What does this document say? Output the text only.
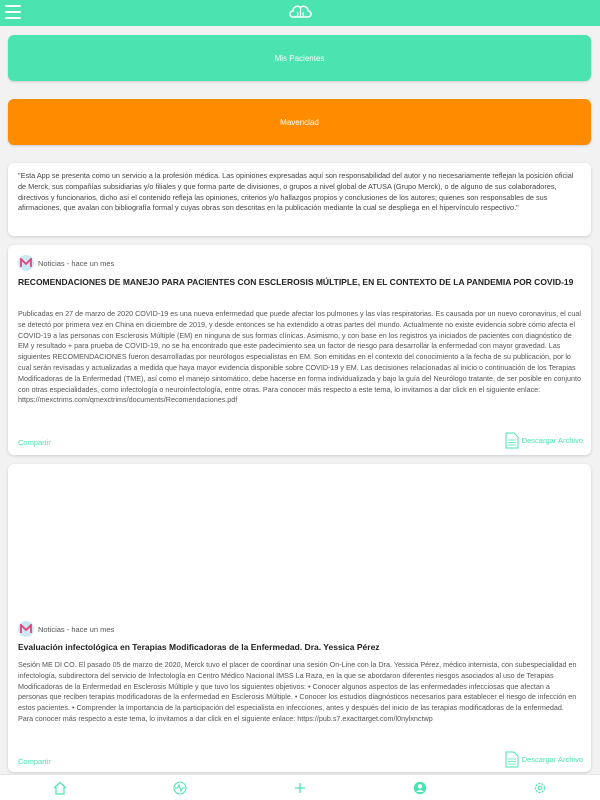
Mis Pacientes
Mavenclad

"Esta App se presenta como un servicio a la profesión médica. Las opiniones expresadas aquí son responsabilidad del autor y no necesariamente reflejan la posición oficial de Merck, sus compañías subsidiarias y/o filiales y que forma parte de divisiones, o grupos a nivel global de ATUSA (Grupo Merck), o de alguno de sus colaboradores, directivos y funcionarios, dicho así el contenido refleja las opiniones, criterios y/o hallazgos propios y conclusiones de los autores; quienes son responsables de sus afirmaciones, que avalan con bibliografía formal y cuyas obras son descritas en la publicación mediante la cual se despliega en el hipervínculo respectivo."

Noticias - hace un mes
RECOMENDACIONES DE MANEJO PARA PACIENTES CON ESCLEROSIS MÚLTIPLE, EN EL CONTEXTO DE LA PANDEMIA POR COVID-19
Publicadas en 27 de marzo de 2020 COVID-19 es una nueva enfermedad que puede afectar los pulmones y las vías respiratorias. Es causada por un nuevo coronavirus, el cual se detectó por primera vez en China en diciembre de 2019, y desde entonces se ha extendido a otras partes del mundo. Actualmente no existe evidencia sobre cómo afecta el COVID-19 a las personas con Esclerosis Múltiple (EM) en ninguna de sus formas clínicas. Asimismo, y con base en los registros ya iniciados de pacientes con diagnóstico de EM y resultado + para prueba de COVID-19, no se ha encontrado que este padecimiento sea un factor de riesgo para desarrollar la enfermedad con mayor gravedad. Las siguientes RECOMENDACIONES fueron desarrolladas por neurólogos especialistas en EM. Son emitidas en el contexto del conocimiento a la fecha de su publicación, por lo cual serán revisadas y actualizadas a medida que haya mayor evidencia disponible sobre COVID-19 y EM. Las decisiones relacionadas al inicio o continuación de los Terapias Modificadoras de la Enfermedad (TME), así como el manejo sintomático, debe hacerse en forma individualizada y bajo la guía del Neurólogo tratante, de ser posible en conjunto con otras especialidades, como infectología o neuroinfectología, entre otras. Para conocer más respecto a este tema, lo invitamos a dar click en el siguiente enlace: https://mexctrims.com/qmexctrims/documents/Recomendaciones.pdf
Compartir	Descargar Archivo
Noticias - hace un mes
Evaluación infectológica en Terapias Modificadoras de la Enfermedad. Dra. Yessica Pérez
Sesión ME DI CO. El pasado 05 de marzo de 2020, Merck tuvo el placer de coordinar una sesión On-Line con la Dra. Yessica Pérez, médico internista, con subespecialidad en infectología, subdirectora del servicio de Infectología en Centro Médico Nacional IMSS La Raza, en la que se abordaron diferentes riesgos asociados al uso de Terapias Modificadoras de la Enfermedad en Esclerosis Múltiple y que tuvo los siguientes objetivos: • Conocer algunos aspectos de las enfermedades infecciosas que afectan a personas que reciben terapias modificadoras de la enfermedad en Esclerosis Múltiple. • Conocer los estudios diagnósticos necesarios para establecer el riesgo de infección en estos pacientes. • Comprender la importancia de la participación del especialista en infecciones, antes y después del inicio de las terapias modificadoras de la enfermedad. Para conocer más respecto a este tema, lo invitamos a dar click en el siguiente enlace: https://pub.s7.exacttarget.com/l0nylxnctwp
Compartir	Descargar Archivo
